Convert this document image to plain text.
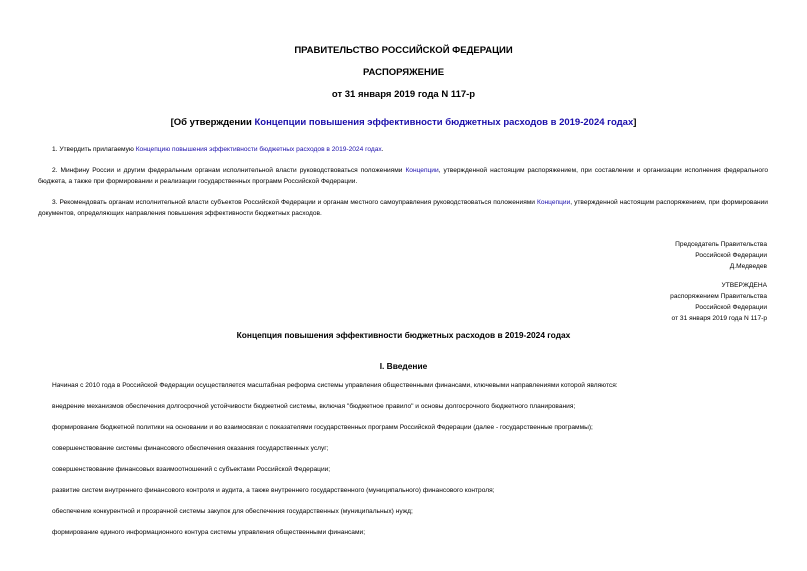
ПРАВИТЕЛЬСТВО РОССИЙСКОЙ ФЕДЕРАЦИИ
РАСПОРЯЖЕНИЕ
от 31 января 2019 года N 117-р
[Об утверждении Концепции повышения эффективности бюджетных расходов в 2019-2024 годах]
1. Утвердить прилагаемую Концепцию повышения эффективности бюджетных расходов в 2019-2024 годах.
2. Минфину России и другим федеральным органам исполнительной власти руководствоваться положениями Концепции, утвержденной настоящим распоряжением, при составлении и организации исполнения федерального бюджета, а также при формировании и реализации государственных программ Российской Федерации.
3. Рекомендовать органам исполнительной власти субъектов Российской Федерации и органам местного самоуправления руководствоваться положениями Концепции, утвержденной настоящим распоряжением, при формировании документов, определяющих направления повышения эффективности бюджетных расходов.
Председатель Правительства
Российской Федерации
Д.Медведев
УТВЕРЖДЕНА
распоряжением Правительства
Российской Федерации
от 31 января 2019 года N 117-р
Концепция повышения эффективности бюджетных расходов в 2019-2024 годах
I. Введение
Начиная с 2010 года в Российской Федерации осуществляется масштабная реформа системы управления общественными финансами, ключевыми направлениями которой являются:
внедрение механизмов обеспечения долгосрочной устойчивости бюджетной системы, включая "бюджетное правило" и основы долгосрочного бюджетного планирования;
формирование бюджетной политики на основании и во взаимосвязи с показателями государственных программ Российской Федерации (далее - государственные программы);
совершенствование системы финансового обеспечения оказания государственных услуг;
совершенствование финансовых взаимоотношений с субъектами Российской Федерации;
развитие систем внутреннего финансового контроля и аудита, а также внутреннего государственного (муниципального) финансового контроля;
обеспечение конкурентной и прозрачной системы закупок для обеспечения государственных (муниципальных) нужд;
формирование единого информационного контура системы управления общественными финансами;
